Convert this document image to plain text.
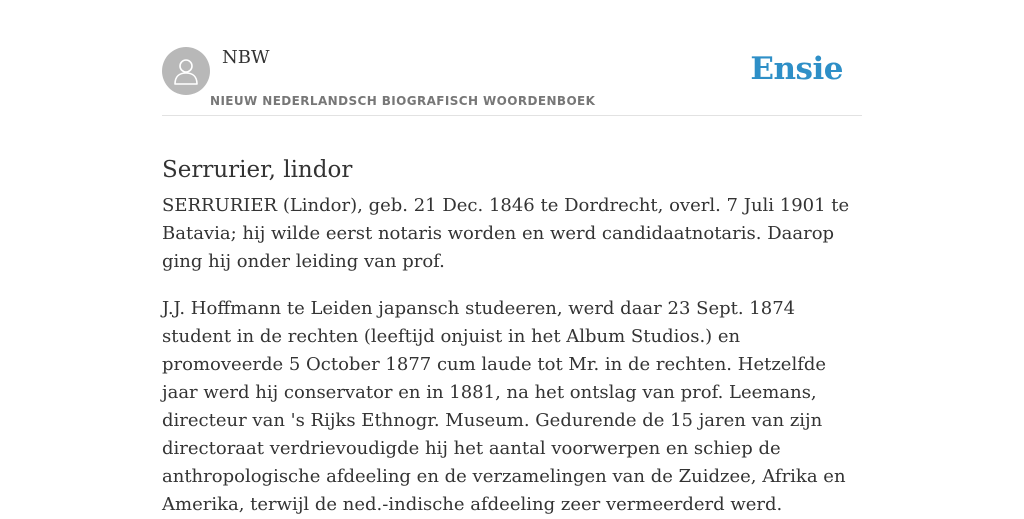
NBW
NIEUW NEDERLANDSCH BIOGRAFISCH WOORDENBOEK
Ensie
Serrurier, lindor

SERRURIER (Lindor), geb. 21 Dec. 1846 te Dordrecht, overl. 7 Juli 1901 te Batavia; hij wilde eerst notaris worden en werd candidaatnotaris. Daarop ging hij onder leiding van prof.

J.J. Hoffmann te Leiden japansch studeeren, werd daar 23 Sept. 1874 student in de rechten (leeftijd onjuist in het Album Studios.) en promoveerde 5 October 1877 cum laude tot Mr. in de rechten. Hetzelfde jaar werd hij conservator en in 1881, na het ontslag van prof. Leemans, directeur van 's Rijks Ethnogr. Museum. Gedurende de 15 jaren van zijn directoraat verdrievoudigde hij het aantal voorwerpen en schiep de anthropologische afdeeling en de verzamelingen van de Zuidzee, Afrika en Amerika, terwijl de ned.-indische afdeeling zeer vermeerderd werd.
